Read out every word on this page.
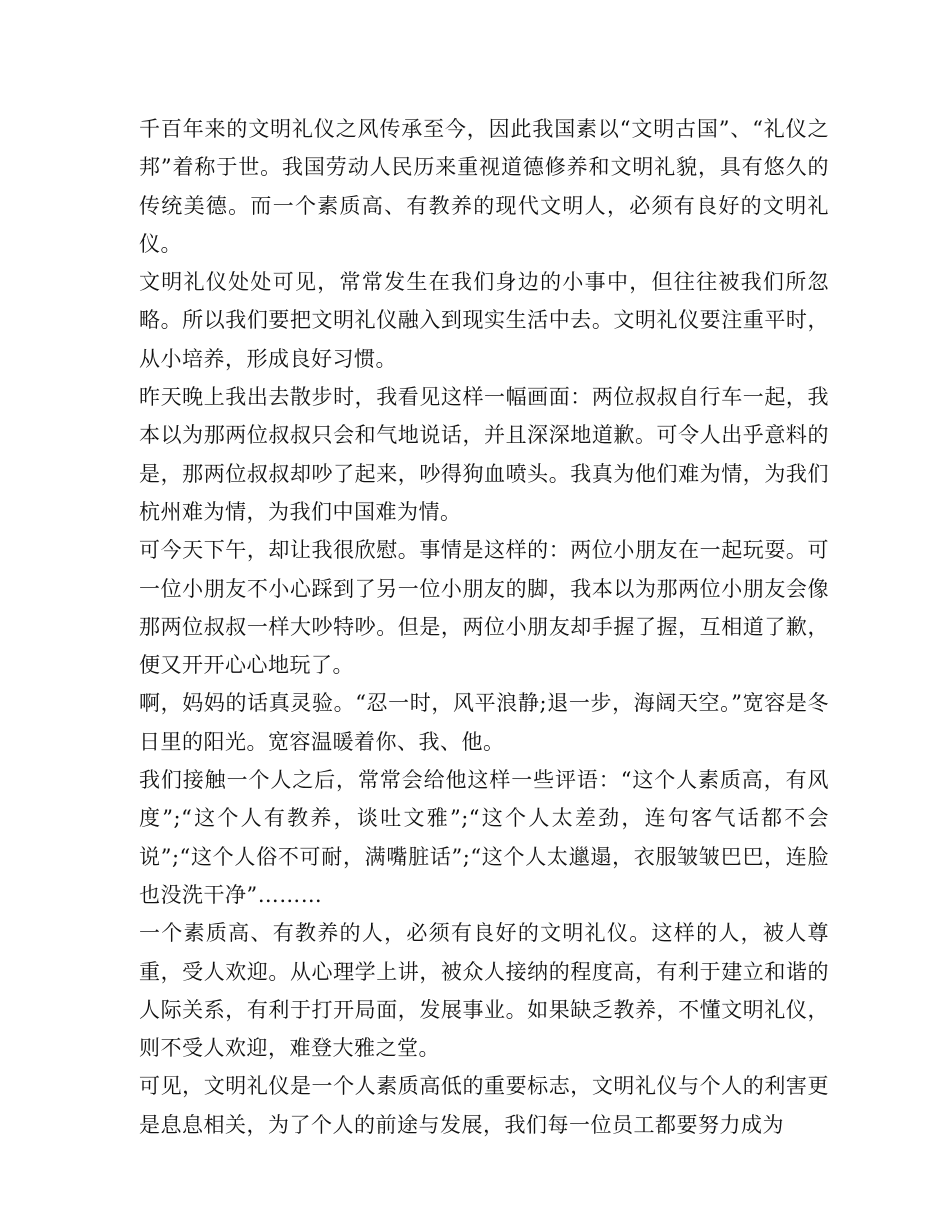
千百年来的文明礼仪之风传承至今，因此我国素以“文明古国”、“礼仪之邦”着称于世。我国劳动人民历来重视道德修养和文明礼貌，具有悠久的传统美德。而一个素质高、有教养的现代文明人，必须有良好的文明礼仪。

文明礼仪处处可见，常常发生在我们身边的小事中，但往往被我们所忽略。所以我们要把文明礼仪融入到现实生活中去。文明礼仪要注重平时，从小培养，形成良好习惯。

昨天晚上我出去散步时，我看见这样一幅画面：两位叔叔自行车一起，我本以为那两位叔叔只会和气地说话，并且深深地道歉。可令人出乎意料的是，那两位叔叔却吵了起来，吵得狗血喷头。我真为他们难为情，为我们杭州难为情，为我们中国难为情。

可今天下午，却让我很欣慰。事情是这样的：两位小朋友在一起玩耍。可一位小朋友不小心踩到了另一位小朋友的脚，我本以为那两位小朋友会像那两位叔叔一样大吵特吵。但是，两位小朋友却手握了握，互相道了歉，便又开开心心地玩了。

啊，妈妈的话真灵验。“忍一时，风平浪静;退一步，海阔天空。”宽容是冬日里的阳光。宽容温暖着你、我、他。

我们接触一个人之后，常常会给他这样一些评语：“这个人素质高，有风度”;“这个人有教养，谈吐文雅”;“这个人太差劲，连句客气话都不会说”;“这个人俗不可耐，满嘴脏话”;“这个人太邋遢，衣服皱皱巴巴，连脸也没洗干净”………

一个素质高、有教养的人，必须有良好的文明礼仪。这样的人，被人尊重，受人欢迎。从心理学上讲，被众人接纳的程度高，有利于建立和谐的人际关系，有利于打开局面，发展事业。如果缺乏教养，不懂文明礼仪，则不受人欢迎，难登大雅之堂。

可见，文明礼仪是一个人素质高低的重要标志，文明礼仪与个人的利害更是息息相关，为了个人的前途与发展，我们每一位员工都要努力成为
